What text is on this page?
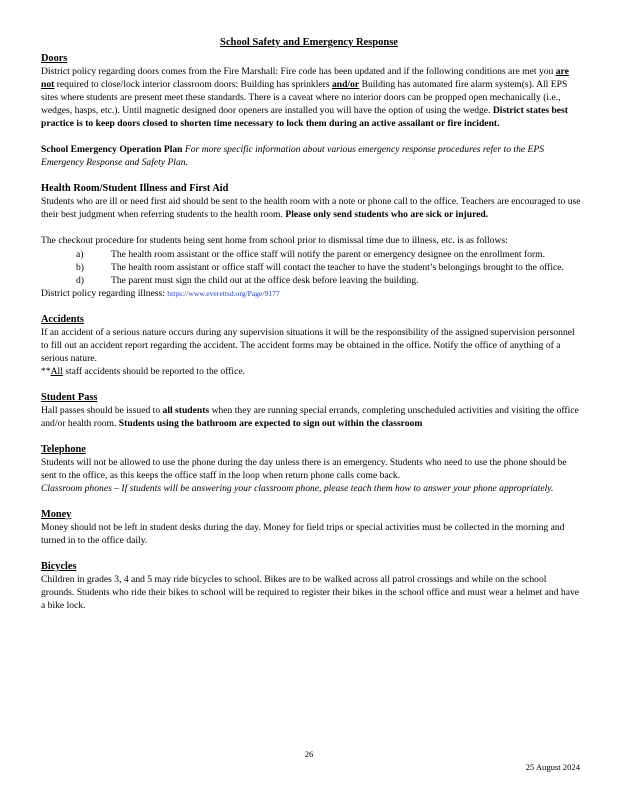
School Safety and Emergency Response

Doors

District policy regarding doors comes from the Fire Marshall: Fire code has been updated and if the following conditions are met you are not required to close/lock interior classroom doors: Building has sprinklers and/or Building has automated fire alarm system(s). All EPS sites where students are present meet these standards. There is a caveat where no interior doors can be propped open mechanically (i.e., wedges, hasps, etc.). Until magnetic designed door openers are installed you will have the option of using the wedge. District states best practice is to keep doors closed to shorten time necessary to lock them during an active assailant or fire incident.

School Emergency Operation Plan For more specific information about various emergency response procedures refer to the EPS Emergency Response and Safety Plan.

Health Room/Student Illness and First Aid

Students who are ill or need first aid should be sent to the health room with a note or phone call to the office. Teachers are encouraged to use their best judgment when referring students to the health room. Please only send students who are sick or injured.

The checkout procedure for students being sent home from school prior to dismissal time due to illness, etc. is as follows:

a)	The health room assistant or the office staff will notify the parent or emergency designee on the enrollment form.
b)	The health room assistant or office staff will contact the teacher to have the student’s belongings brought to the office.
d)	The parent must sign the child out at the office desk before leaving the building.

District policy regarding illness: https://www.everettsd.org/Page/9177

Accidents

If an accident of a serious nature occurs during any supervision situations it will be the responsibility of the assigned supervision personnel to fill out an accident report regarding the accident. The accident forms may be obtained in the office. Notify the office of anything of a serious nature.

**All staff accidents should be reported to the office.

Student Pass

Hall passes should be issued to all students when they are running special errands, completing unscheduled activities and visiting the office and/or health room. Students using the bathroom are expected to sign out within the classroom

Telephone

Students will not be allowed to use the phone during the day unless there is an emergency. Students who need to use the phone should be sent to the office, as this keeps the office staff in the loop when return phone calls come back.

Classroom phones – If students will be answering your classroom phone, please teach them how to answer your phone appropriately.

Money

Money should not be left in student desks during the day. Money for field trips or special activities must be collected in the morning and turned in to the office daily.

Bicycles

Children in grades 3, 4 and 5 may ride bicycles to school. Bikes are to be walked across all patrol crossings and while on the school grounds. Students who ride their bikes to school will be required to register their bikes in the school office and must wear a helmet and have a bike lock.

26
25 August 2024
